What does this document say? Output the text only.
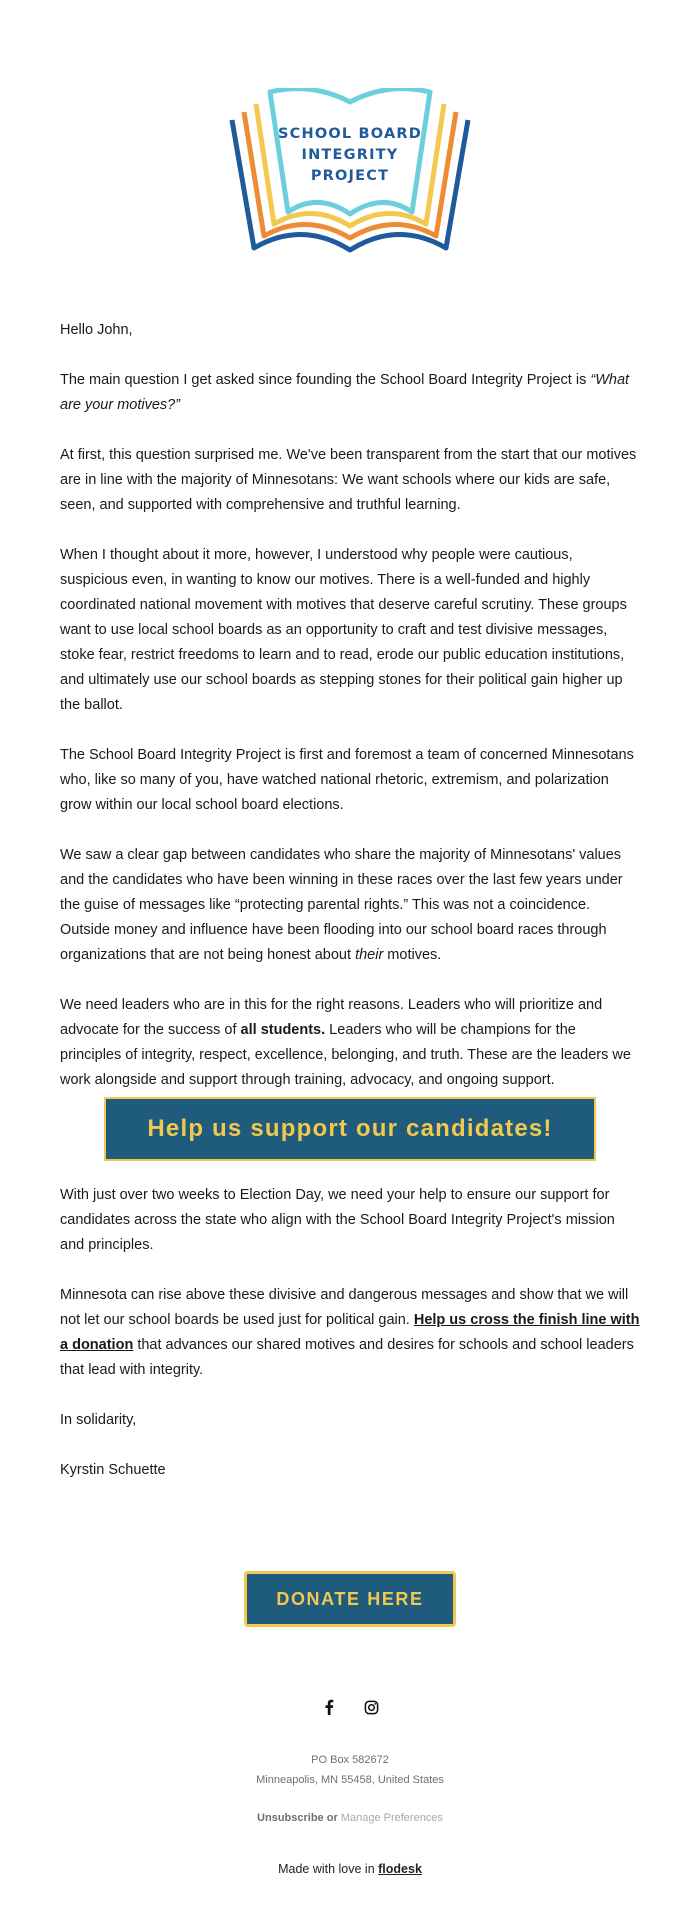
SCHOOL BOARD
INTEGRITY
PROJECT

Hello John,

The main question I get asked since founding the School Board Integrity Project is “What are your motives?”

At first, this question surprised me. We've been transparent from the start that our motives are in line with the majority of Minnesotans: We want schools where our kids are safe, seen, and supported with comprehensive and truthful learning.

When I thought about it more, however, I understood why people were cautious, suspicious even, in wanting to know our motives. There is a well-funded and highly coordinated national movement with motives that deserve careful scrutiny. These groups want to use local school boards as an opportunity to craft and test divisive messages, stoke fear, restrict freedoms to learn and to read, erode our public education institutions, and ultimately use our school boards as stepping stones for their political gain higher up the ballot.

The School Board Integrity Project is first and foremost a team of concerned Minnesotans who, like so many of you, have watched national rhetoric, extremism, and polarization grow within our local school board elections.

We saw a clear gap between candidates who share the majority of Minnesotans' values and the candidates who have been winning in these races over the last few years under the guise of messages like “protecting parental rights.” This was not a coincidence. Outside money and influence have been flooding into our school board races through organizations that are not being honest about their motives.

We need leaders who are in this for the right reasons. Leaders who will prioritize and advocate for the success of all students. Leaders who will be champions for the principles of integrity, respect, excellence, belonging, and truth. These are the leaders we work alongside and support through training, advocacy, and ongoing support.

Help us support our candidates!

With just over two weeks to Election Day, we need your help to ensure our support for candidates across the state who align with the School Board Integrity Project's mission and principles.

Minnesota can rise above these divisive and dangerous messages and show that we will not let our school boards be used just for political gain. Help us cross the finish line with a donation that advances our shared motives and desires for schools and school leaders that lead with integrity.

In solidarity,

Kyrstin Schuette

DONATE HERE
PO Box 582672
Minneapolis, MN 55458, United States
Unsubscribe or Manage Preferences
Made with love in flodesk
